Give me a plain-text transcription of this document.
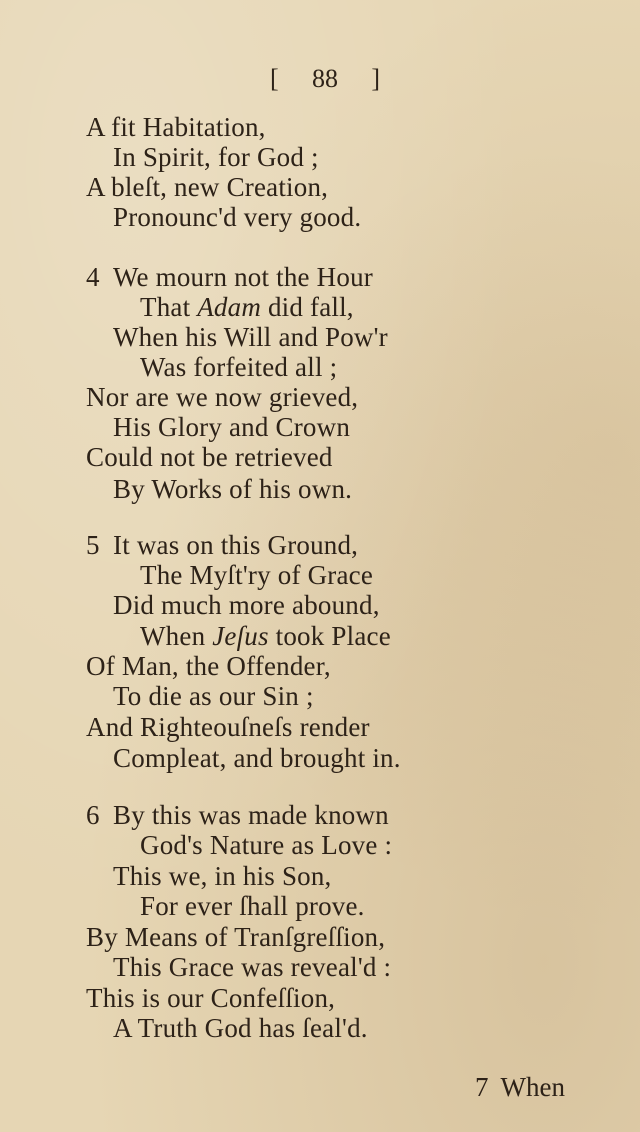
[ 88 ]
A fit Habitation,
In Spirit, for God ;
A bleſt, new Creation,
Pronounc'd very good.
4 We mourn not the Hour
That Adam did fall,
When his Will and Pow'r
Was forfeited all ;
Nor are we now grieved,
His Glory and Crown
Could not be retrieved
By Works of his own.
5 It was on this Ground,
The Myſt'ry of Grace
Did much more abound,
When Jeſus took Place
Of Man, the Offender,
To die as our Sin ;
And Righteouſneſs render
Compleat, and brought in.
6 By this was made known
God's Nature as Love :
This we, in his Son,
For ever ſhall prove.
By Means of Tranſgreſſion,
This Grace was reveal'd :
This is our Confeſſion,
A Truth God has ſeal'd.
7 When
